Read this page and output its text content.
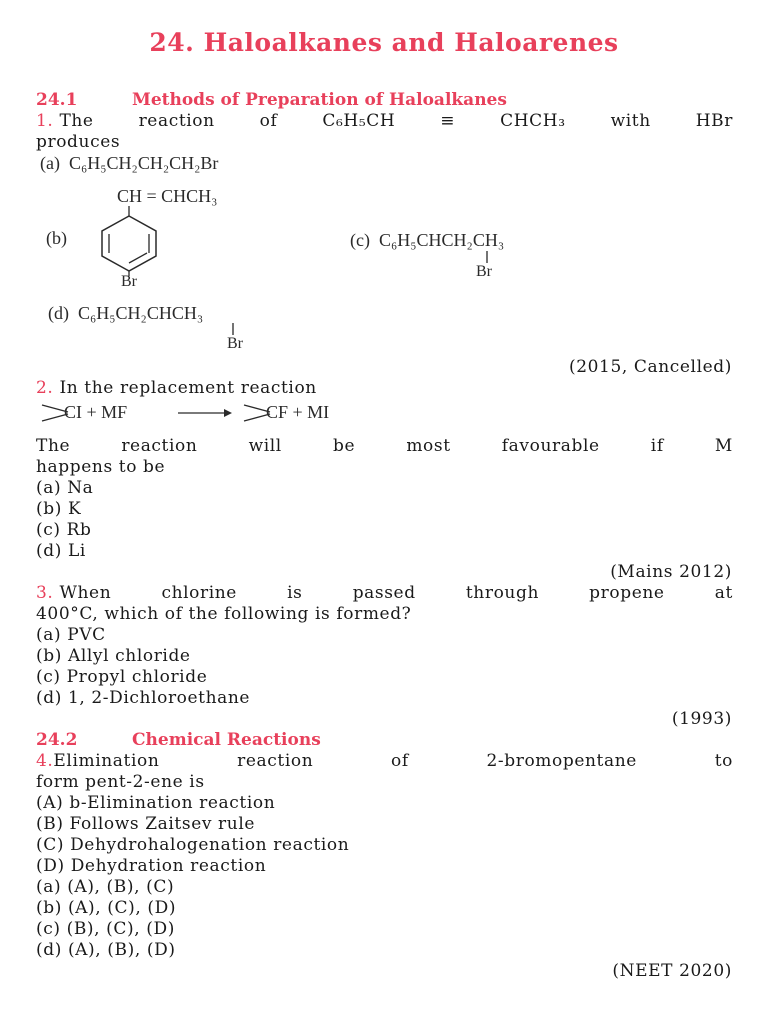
24. Haloalkanes and Haloarenes
24.1	Methods of Preparation of Haloalkanes
1. The	reaction	of	C₆H₅CH	≡	CHCH₃	with	HBr
produces
(a) C₆H₅CH₂CH₂CH₂Br
(b)
CH = CHCH₃
Br
(c) C₆H₅CHCH₂CH₃
Br
(d) C₆H₅CH₂CHCH₃
Br
(2015, Cancelled)
2. In the replacement reaction
CI + MF	CF + MI
The	reaction	will	be	most	favourable	if	M
happens to be
(a) Na
(b) K
(c) Rb
(d) Li
(Mains 2012)
3. When	chlorine	is	passed	through	propene	at
400°C, which of the following is formed?
(a) PVC
(b) Allyl chloride
(c) Propyl chloride
(d) 1, 2-Dichloroethane
(1993)
24.2	Chemical Reactions
4.Elimination	reaction	of	2-bromopentane	to
form pent-2-ene is
(A) b-Elimination reaction
(B) Follows Zaitsev rule
(C) Dehydrohalogenation reaction
(D) Dehydration reaction
(a) (A), (B), (C)
(b) (A), (C), (D)
(c) (B), (C), (D)
(d) (A), (B), (D)
(NEET 2020)
